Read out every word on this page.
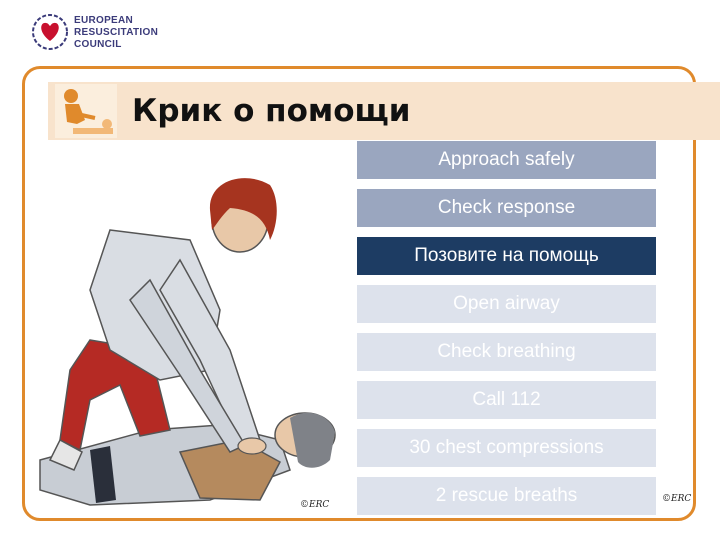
EUROPEAN
RESUSCITATION
COUNCIL
Крик о помощи
©ERC
Approach safely
Check response
Позовите на помощь
Open airway
Check breathing
Call 112
30 chest compressions
2 rescue breaths	©ERC
